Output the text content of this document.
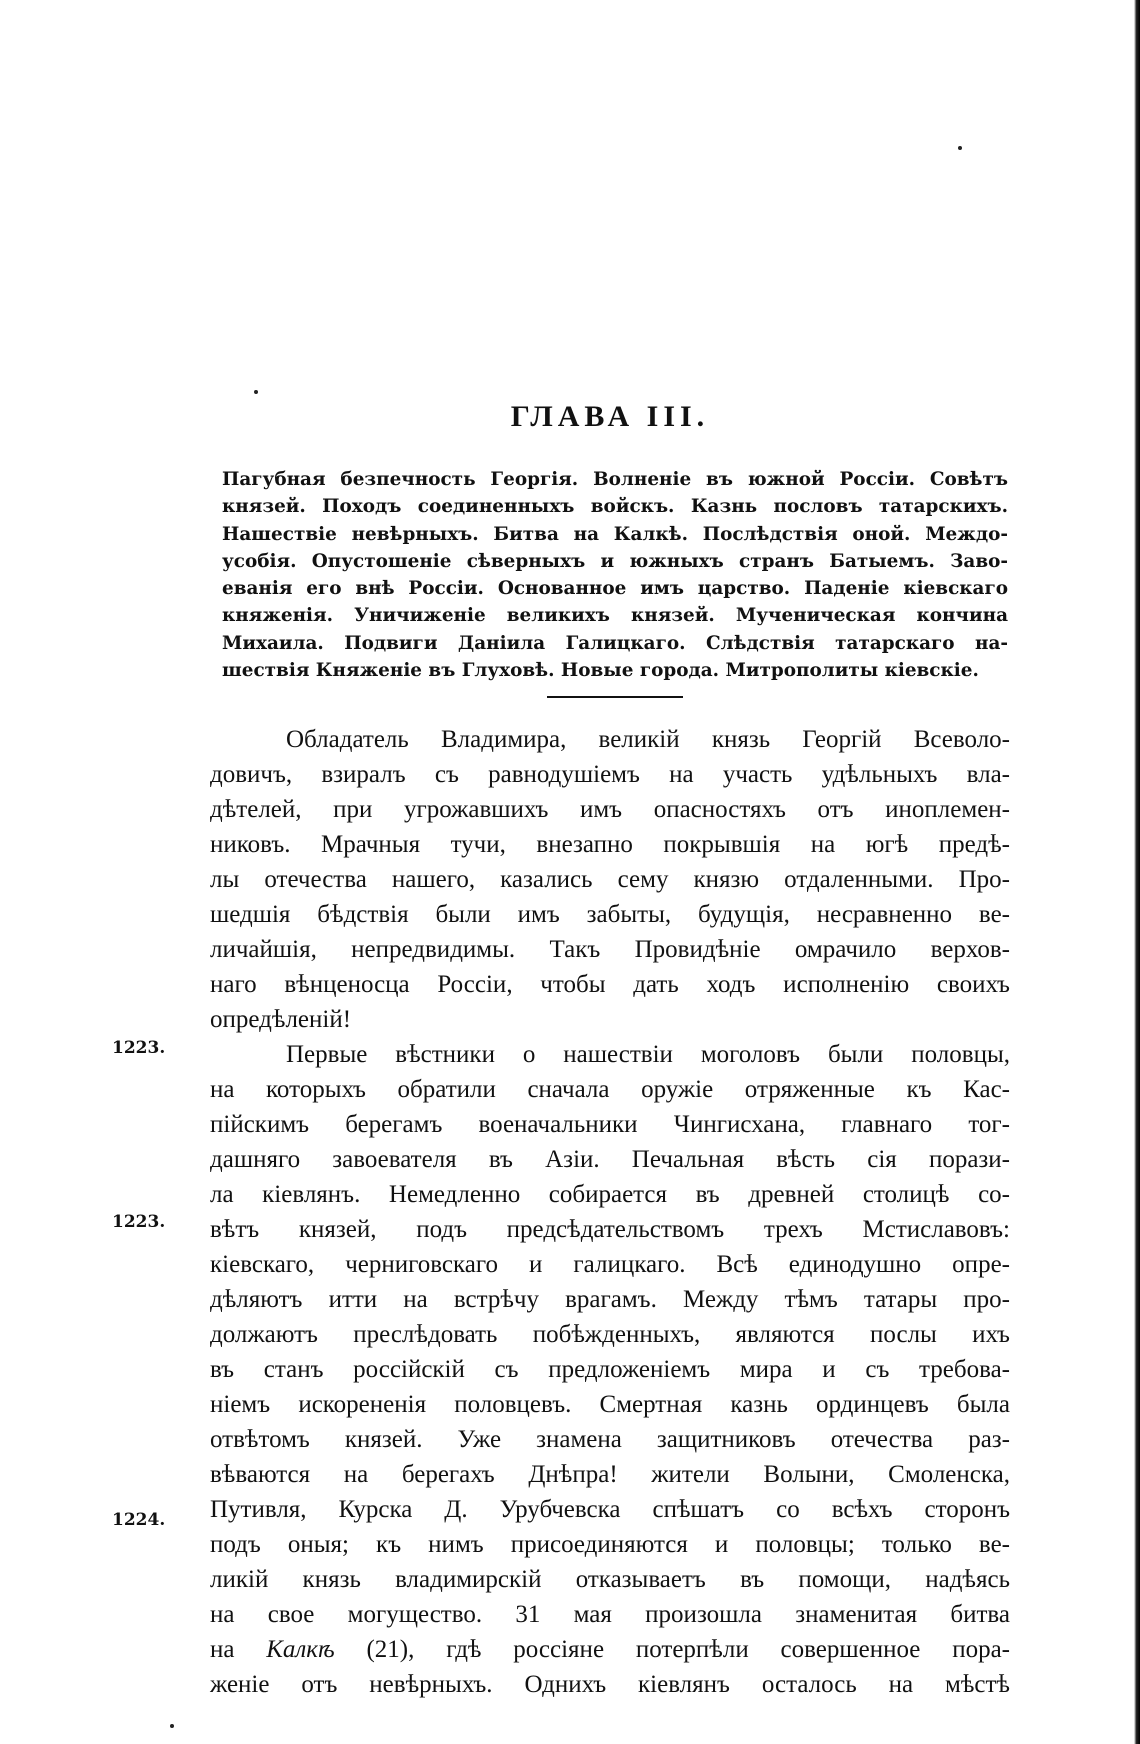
ГЛАВА III.
Пагубная безпечность Георгія. Волненіе въ южной Россіи. Совѣтъ
князей. Походъ соединенныхъ войскъ. Казнь пословъ татарскихъ.
Нашествіе невѣрныхъ. Битва на Калкѣ. Послѣдствія оной. Междо-
усобія. Опустошеніе сѣверныхъ и южныхъ странъ Батыемъ. Заво-
еванія его внѣ Россіи. Основанное имъ царство. Паденіе кіевскаго
княженія. Уничиженіе великихъ князей. Мученическая кончина
Михаила. Подвиги Даніила Галицкаго. Слѣдствія татарскаго на-
шествія Княженіе въ Глуховѣ. Новые города. Митрополиты кіевскіе.
1223.
1223.
1224.
Обладатель Владимира, великій князь Георгій Всеволо-
довичъ, взиралъ съ равнодушіемъ на участь удѣльныхъ вла-
дѣтелей, при угрожавшихъ имъ опасностяхъ отъ иноплемен-
никовъ. Мрачныя тучи, внезапно покрывшія на югѣ предѣ-
лы отечества нашего, казались сему князю отдаленными. Про-
шедшія бѣдствія были имъ забыты, будущія, несравненно ве-
личайшія, непредвидимы. Такъ Провидѣніе омрачило верхов-
наго вѣнценосца Россіи, чтобы дать ходъ исполненію своихъ
опредѣленій!
Первые вѣстники о нашествіи моголовъ были половцы,
на которыхъ обратили сначала оружіе отряженные къ Кас-
пійскимъ берегамъ военачальники Чингисхана, главнаго тог-
дашняго завоевателя въ Азіи. Печальная вѣсть сія порази-
ла кіевлянъ. Немедленно собирается въ древней столицѣ со-
вѣтъ князей, подъ предсѣдательствомъ трехъ Мстиславовъ:
кіевскаго, черниговскаго и галицкаго. Всѣ единодушно опре-
дѣляютъ итти на встрѣчу врагамъ. Между тѣмъ татары про-
должаютъ преслѣдовать побѣжденныхъ, являются послы ихъ
въ станъ россійскій съ предложеніемъ мира и съ требова-
ніемъ искорененія половцевъ. Смертная казнь ординцевъ была
отвѣтомъ князей. Уже знамена защитниковъ отечества раз-
вѣваются на берегахъ Днѣпра! жители Волыни, Смоленска,
Путивля, Курска Д. Урубчевска спѣшатъ со всѣхъ сторонъ
подъ оныя; къ нимъ присоединяются и половцы; только ве-
ликій князь владимирскій отказываетъ въ помощи, надѣясь
на свое могущество. 31 мая произошла знаменитая битва
на Калкѣ (21), гдѣ россіяне потерпѣли совершенное пора-
женіе отъ невѣрныхъ. Однихъ кіевлянъ осталось на мѣстѣ
